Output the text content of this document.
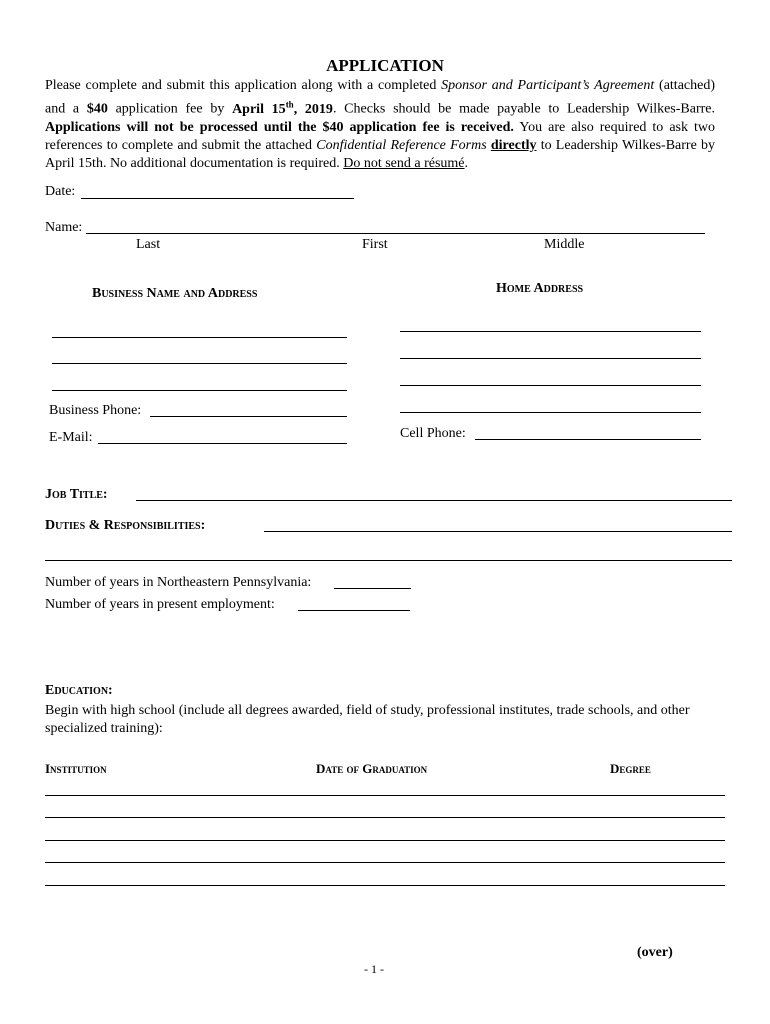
APPLICATION
Please complete and submit this application along with a completed Sponsor and Participant’s Agreement (attached) and a $40 application fee by April 15th, 2019. Checks should be made payable to Leadership Wilkes-Barre. Applications will not be processed until the $40 application fee is received. You are also required to ask two references to complete and submit the attached Confidential Reference Forms directly to Leadership Wilkes-Barre by April 15th. No additional documentation is required. Do not send a résumé.
Date:
Name:
Last	First	Middle
Business Name and Address	Home Address
Business Phone:
E-Mail:	Cell Phone:
Job Title:
Duties & Responsibilities:
Number of years in Northeastern Pennsylvania:
Number of years in present employment:
Education:
Begin with high school (include all degrees awarded, field of study, professional institutes, trade schools, and other specialized training):
Institution	Date of Graduation	Degree
(over)
- 1 -
